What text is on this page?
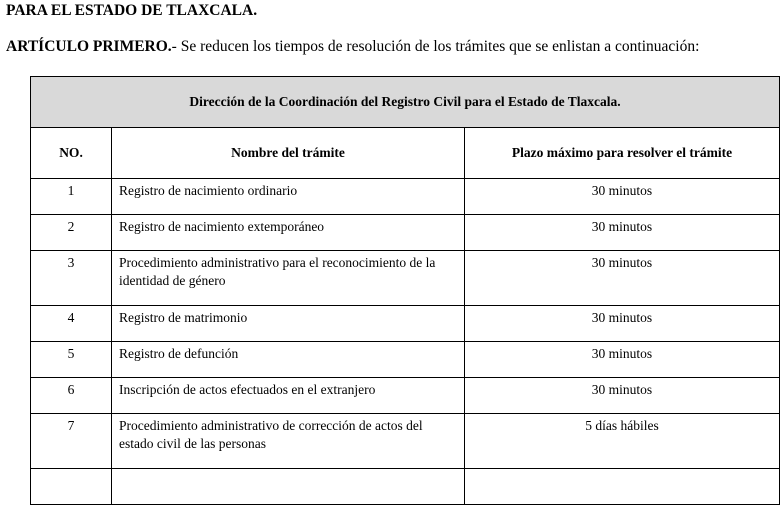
PARA EL ESTADO DE TLAXCALA.
ARTÍCULO PRIMERO.- Se reducen los tiempos de resolución de los trámites que se enlistan a continuación:
Dirección de la Coordinación del Registro Civil para el Estado de Tlaxcala.		
NO.	Nombre del trámite	Plazo máximo para resolver el trámite
1	Registro de nacimiento ordinario	30 minutos
2	Registro de nacimiento extemporáneo	30 minutos
3	Procedimiento administrativo para el reconocimiento de la identidad de género	30 minutos
4	Registro de matrimonio	30 minutos
5	Registro de defunción	30 minutos
6	Inscripción de actos efectuados en el extranjero	30 minutos
7	Procedimiento administrativo de corrección de actos del estado civil de las personas	5 días hábiles
